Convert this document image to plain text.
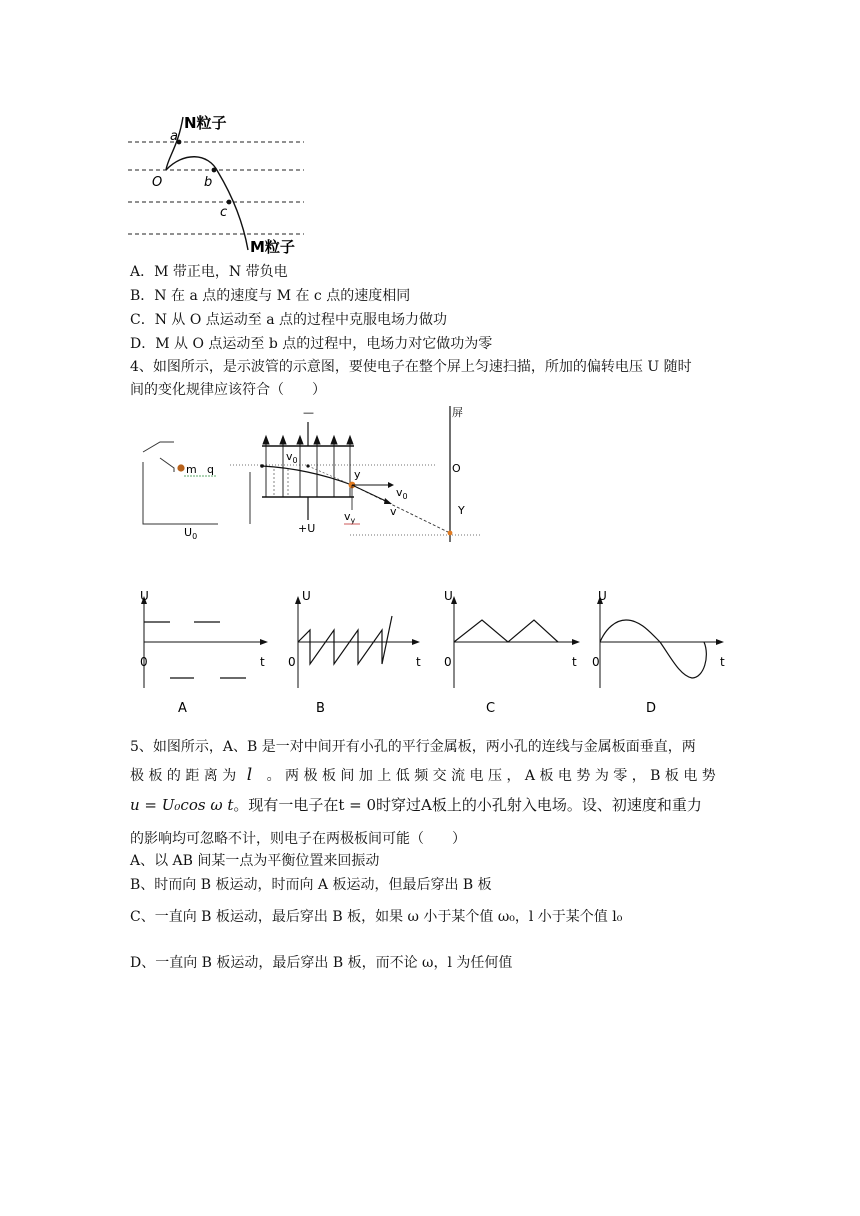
N粒子
a
O	b
c
M粒子
A．M 带正电，N 带负电
B．N 在 a 点的速度与 M 在 c 点的速度相同
C．N 从 O 点运动至 a 点的过程中克服电场力做功
D．M 从 O 点运动至 b 点的过程中，电场力对它做功为零
4、如图所示，是示波管的示意图，要使电子在整个屏上匀速扫描，所加的偏转电压 U 随时
间的变化规律应该符合（　　）
m q
$U_0$
—
+U
$v_0$
y
$v_0$
v
$v_y$
屏
O
Y
U
t
0
A
U
t
0
B
U
t
0
C
U
t
0
D
5、如图所示，A、B 是一对中间开有小孔的平行金属板，两小孔的连线与金属板面垂直，两
极 板 的 距 离 为 l 。 两 极 板 间 加 上 低 频 交 流 电 压 ， A 板 电 势 为 零 ， B 板 电 势
u = U₀cos ω t。现有一电子在t = 0时穿过A板上的小孔射入电场。设、初速度和重力
的影响均可忽略不计，则电子在两极板间可能（　　）
A、以 AB 间某一点为平衡位置来回振动
B、时而向 B 板运动，时而向 A 板运动，但最后穿出 B 板
C、一直向 B 板运动，最后穿出 B 板，如果 ω 小于某个值 ω₀，l 小于某个值 l₀
D、一直向 B 板运动，最后穿出 B 板，而不论 ω，l 为任何值
